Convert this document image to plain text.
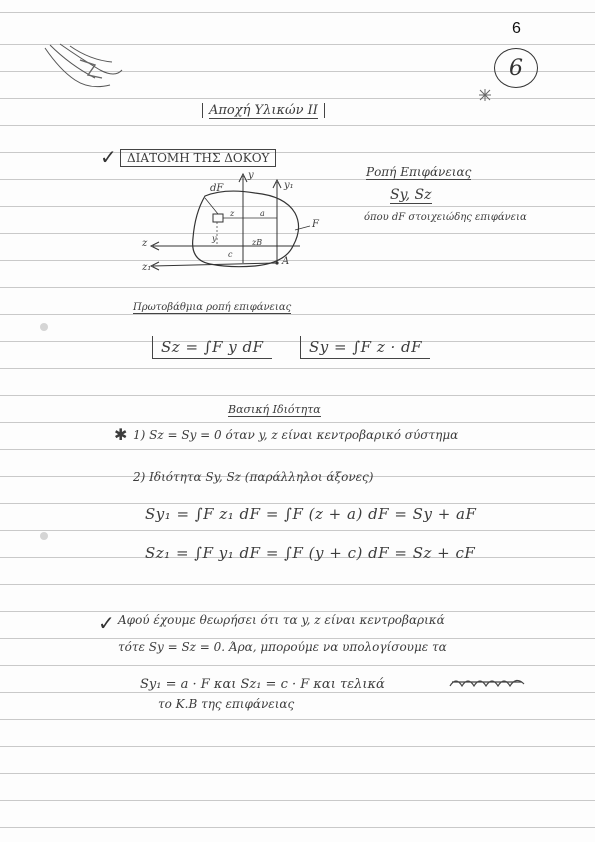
6
6
Αποχή Υλικών ΙΙ
✓ ΔΙΑΤΟΜΗ ΤΗΣ ΔΟΚΟΥ
Ροπή Επιφάνειας
Sy, Sz
όπου dF στοιχειώδης επιφάνεια
dF
y
y₁
z
z₁
F
A
z
y
a
c
zB
Πρωτοβάθμια ροπή επιφάνειας
Sz = ∫F y dF	Sy = ∫F z · dF
Βασική Ιδιότητα
✱ 1) Sz = Sy = 0 όταν y, z είναι κεντροβαρικό σύστημα
2) Ιδιότητα Sy, Sz (παράλληλοι άξονες)
Sy₁ = ∫F z₁ dF = ∫F (z + a) dF = Sy + aF
Sz₁ = ∫F y₁ dF = ∫F (y + c) dF = Sz + cF
✓ Αφού έχουμε θεωρήσει ότι τα y, z είναι κεντροβαρικά
τότε Sy = Sz = 0. Άρα, μπορούμε να υπολογίσουμε τα
Sy₁ = a · F και Sz₁ = c · F και τελικά
το Κ.Β της επιφάνειας
